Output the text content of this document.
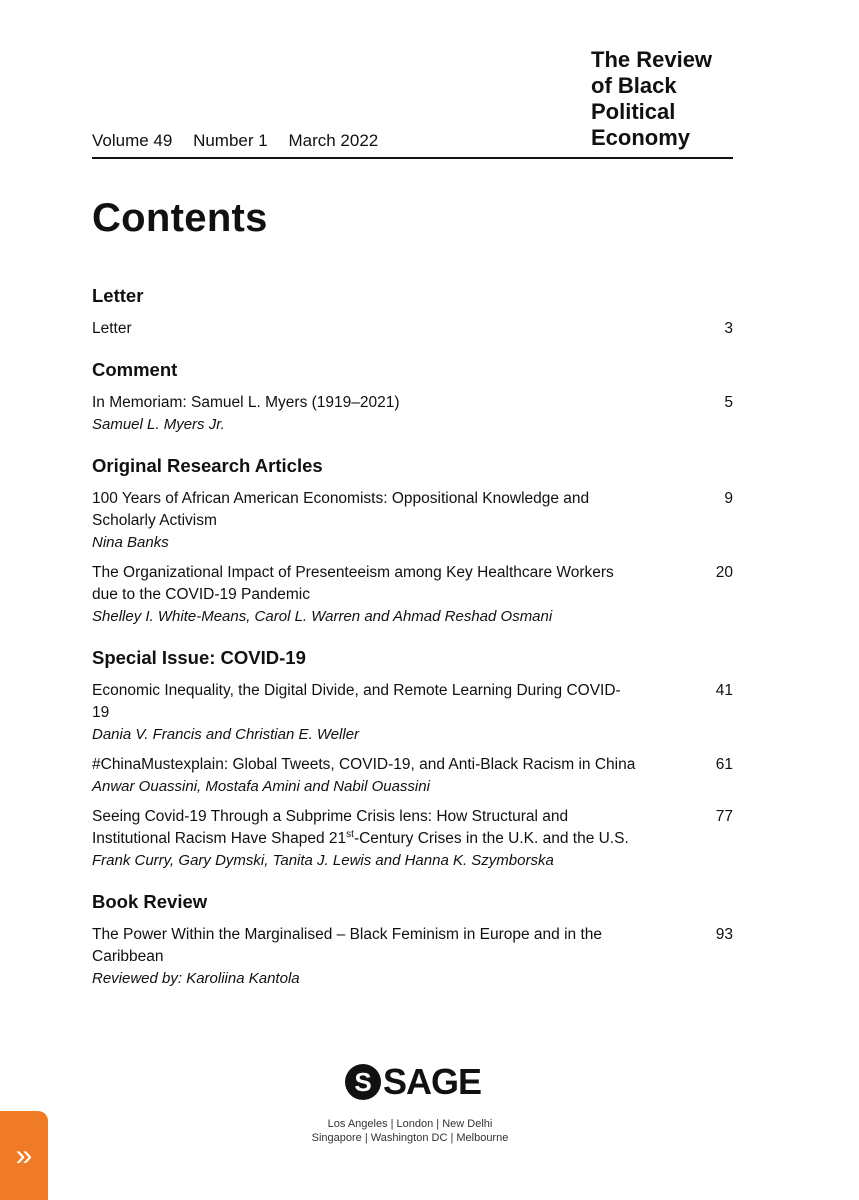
The Review
of Black
Political
Economy
Volume 49 Number 1 March 2022
Contents
Letter
Letter	3
Comment
In Memoriam: Samuel L. Myers (1919–2021)
Samuel L. Myers Jr.
5
Original Research Articles
100 Years of African American Economists: Oppositional Knowledge and Scholarly Activism
Nina Banks
9
The Organizational Impact of Presenteeism among Key Healthcare Workers due to the COVID-19 Pandemic
Shelley I. White-Means, Carol L. Warren and Ahmad Reshad Osmani
20
Special Issue: COVID-19
Economic Inequality, the Digital Divide, and Remote Learning During COVID-19
Dania V. Francis and Christian E. Weller
41
#ChinaMustexplain: Global Tweets, COVID-19, and Anti-Black Racism in China
Anwar Ouassini, Mostafa Amini and Nabil Ouassini
61
Seeing Covid-19 Through a Subprime Crisis lens: How Structural and Institutional Racism Have Shaped 21st-Century Crises in the U.K. and the U.S.
Frank Curry, Gary Dymski, Tanita J. Lewis and Hanna K. Szymborska
77
Book Review
The Power Within the Marginalised – Black Feminism in Europe and in the Caribbean
Reviewed by: Karoliina Kantola
93
S SAGE
Los Angeles | London | New Delhi
Singapore | Washington DC | Melbourne
»
